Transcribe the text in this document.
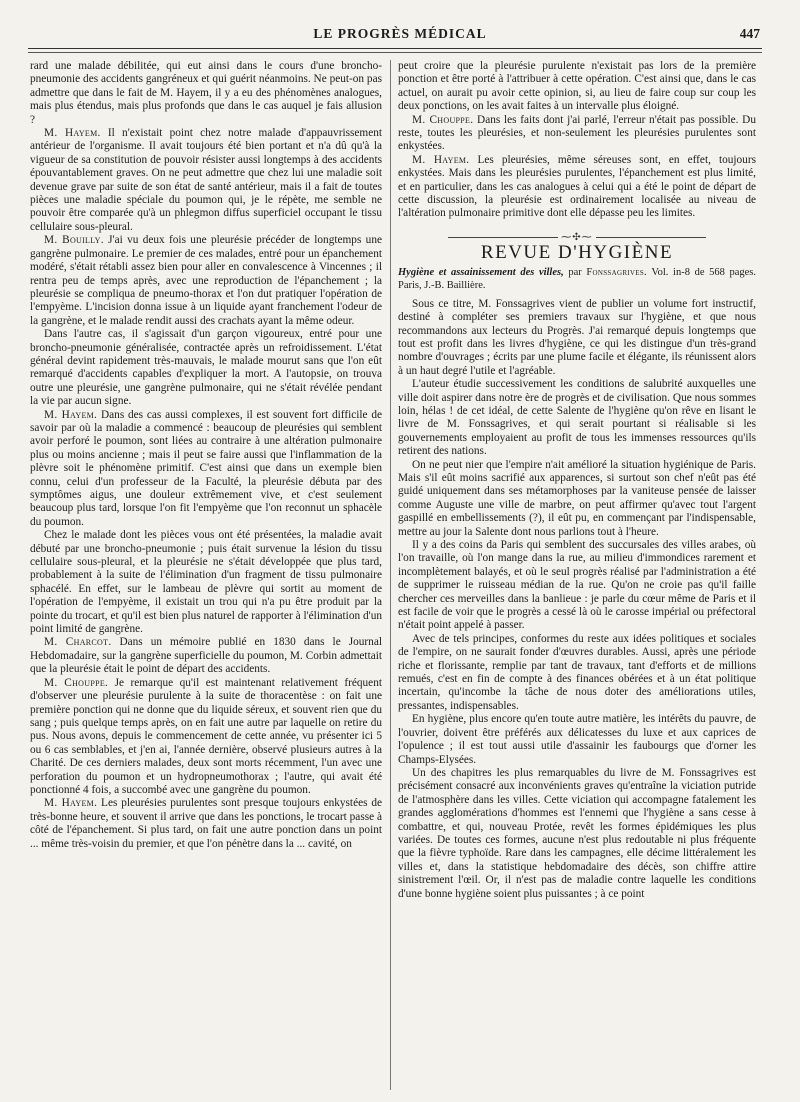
LE PROGRÈS MÉDICAL	447

rard une malade débilitée, qui eut ainsi dans le cours d'une broncho-pneumonie des accidents gangréneux et qui guérit néanmoins. Ne peut-on pas admettre que dans le fait de M. Hayem, il y a eu des phénomènes analogues, mais plus étendus, mais plus profonds que dans le cas auquel je fais allusion ?

M. Hayem. Il n'existait point chez notre malade d'appauvrissement antérieur de l'organisme. Il avait toujours été bien portant et n'a dû qu'à la vigueur de sa constitution de pouvoir résister aussi longtemps à des accidents épouvantablement graves. On ne peut admettre que chez lui une maladie soit devenue grave par suite de son état de santé antérieur, mais il a fait de toutes pièces une maladie spéciale du poumon qui, je le répète, me semble ne pouvoir être comparée qu'à un phlegmon diffus superficiel occupant le tissu cellulaire sous-pleural.

M. Bouilly. J'ai vu deux fois une pleurésie précéder de longtemps une gangrène pulmonaire. Le premier de ces malades, entré pour un épanchement modéré, s'était rétabli assez bien pour aller en convalescence à Vincennes ; il rentra peu de temps après, avec une reproduction de l'épanchement ; la pleurésie se compliqua de pneumo-thorax et l'on dut pratiquer l'opération de l'empyème. L'incision donna issue à un liquide ayant franchement l'odeur de la gangrène, et le malade rendit aussi des crachats ayant la même odeur.

Dans l'autre cas, il s'agissait d'un garçon vigoureux, entré pour une broncho-pneumonie généralisée, contractée après un refroidissement. L'état général devint rapidement très-mauvais, le malade mourut sans que l'on eût remarqué d'accidents capables d'expliquer la mort. A l'autopsie, on trouva outre une pleurésie, une gangrène pulmonaire, qui ne s'était révélée pendant la vie par aucun signe.

M. Hayem. Dans des cas aussi complexes, il est souvent fort difficile de savoir par où la maladie a commencé : beaucoup de pleurésies qui semblent avoir perforé le poumon, sont liées au contraire à une altération pulmonaire plus ou moins ancienne ; mais il peut se faire aussi que l'inflammation de la plèvre soit le phénomène primitif. C'est ainsi que dans un exemple bien connu, celui d'un professeur de la Faculté, la pleurésie débuta par des symptômes aigus, une douleur extrêmement vive, et c'est seulement beaucoup plus tard, lorsque l'on fit l'empyème que l'on reconnut un sphacèle du poumon.

Chez le malade dont les pièces vous ont été présentées, la maladie avait débuté par une broncho-pneumonie ; puis était survenue la lésion du tissu cellulaire sous-pleural, et la pleurésie ne s'était développée que plus tard, probablement à la suite de l'élimination d'un fragment de tissu pulmonaire sphacélé. En effet, sur le lambeau de plèvre qui sortit au moment de l'opération de l'empyème, il existait un trou qui n'a pu être produit par la pointe du trocart, et qu'il est bien plus naturel de rapporter à l'élimination d'un point limité de gangrène.

M. Charcot. Dans un mémoire publié en 1830 dans le Journal Hebdomadaire, sur la gangrène superficielle du poumon, M. Corbin admettait que la pleurésie était le point de départ des accidents.

M. Chouppe. Je remarque qu'il est maintenant relativement fréquent d'observer une pleurésie purulente à la suite de thoracentèse : on fait une première ponction qui ne donne que du liquide séreux, et souvent rien que du sang ; puis quelque temps après, on en fait une autre par laquelle on retire du pus. Nous avons, depuis le commencement de cette année, vu présenter ici 5 ou 6 cas semblables, et j'en ai, l'année dernière, observé plusieurs autres à la Charité. De ces derniers malades, deux sont morts récemment, l'un avec une perforation du poumon et un hydropneumothorax ; l'autre, qui avait été ponctionné 4 fois, a succombé avec une gangrène du poumon.

M. Hayem. Les pleurésies purulentes sont presque toujours enkystées de très-bonne heure, et souvent il arrive que dans les ponctions, le trocart passe à côté de l'épanchement. Si plus tard, on fait une autre ponction dans un point ... même très-voisin du premier, et que l'on pénètre dans la ... cavité, on

peut croire que la pleurésie purulente n'existait pas lors de la première ponction et être porté à l'attribuer à cette opération. C'est ainsi que, dans le cas actuel, on aurait pu avoir cette opinion, si, au lieu de faire coup sur coup les deux ponctions, on les avait faites à un intervalle plus éloigné.

M. Chouppe. Dans les faits dont j'ai parlé, l'erreur n'était pas possible. Du reste, toutes les pleurésies, et non-seulement les pleurésies purulentes sont enkystées.

M. Hayem. Les pleurésies, même séreuses sont, en effet, toujours enkystées. Mais dans les pleurésies purulentes, l'épanchement est plus limité, et en particulier, dans les cas analogues à celui qui a été le point de départ de cette discussion, la pleurésie est ordinairement localisée au niveau de l'altération pulmonaire primitive dont elle dépasse peu les limites.

⁓✣⁓
REVUE D'HYGIÈNE
Hygiène et assainissement des villes, par Fonssagrives. Vol. in-8 de 568 pages. Paris, J.-B. Baillière.

Sous ce titre, M. Fonssagrives vient de publier un volume fort instructif, destiné à compléter ses premiers travaux sur l'hygiène, et que nous recommandons aux lecteurs du Progrès. J'ai remarqué depuis longtemps que tout est profit dans les livres d'hygiène, ce qui les distingue d'un très-grand nombre d'ouvrages ; écrits par une plume facile et élégante, ils réunissent alors à un haut degré l'utile et l'agréable.

L'auteur étudie successivement les conditions de salubrité auxquelles une ville doit aspirer dans notre ère de progrès et de civilisation. Que nous sommes loin, hélas ! de cet idéal, de cette Salente de l'hygiène qu'on rêve en lisant le livre de M. Fonssagrives, et qui serait pourtant si réalisable si les gouvernements employaient au profit de tous les immenses ressources qu'ils retirent des nations.

On ne peut nier que l'empire n'ait amélioré la situation hygiénique de Paris. Mais s'il eût moins sacrifié aux apparences, si surtout son chef n'eût pas été guidé uniquement dans ses métamorphoses par la vaniteuse pensée de laisser comme Auguste une ville de marbre, on peut affirmer qu'avec tout l'argent gaspillé en embellissements (?), il eût pu, en commençant par l'indispensable, mettre au jour la Salente dont nous parlions tout à l'heure.

Il y a des coins da Paris qui semblent des succursales des villes arabes, où l'on travaille, où l'on mange dans la rue, au milieu d'immondices rarement et incomplètement balayés, et où le seul progrès réalisé par l'administration a été de supprimer le ruisseau médian de la rue. Qu'on ne croie pas qu'il faille chercher ces merveilles dans la banlieue : je parle du cœur même de Paris et il est facile de voir que le progrès a cessé là où le carosse impérial ou préfectoral n'était point appelé à passer.

Avec de tels principes, conformes du reste aux idées politiques et sociales de l'empire, on ne saurait fonder d'œuvres durables. Aussi, après une période riche et florissante, remplie par tant de travaux, tant d'efforts et de millions remués, c'est en fin de compte à des finances obérées et à un état politique incertain, qu'incombe la tâche de nous doter des améliorations utiles, pressantes, indispensables.

En hygiène, plus encore qu'en toute autre matière, les intérêts du pauvre, de l'ouvrier, doivent être préférés aux délicatesses du luxe et aux caprices de l'opulence ; il est tout aussi utile d'assainir les faubourgs que d'orner les Champs-Elysées.

Un des chapitres les plus remarquables du livre de M. Fonssagrives est précisément consacré aux inconvénients graves qu'entraîne la viciation putride de l'atmosphère dans les villes. Cette viciation qui accompagne fatalement les grandes agglomérations d'hommes est l'ennemi que l'hygiène a sans cesse à combattre, et qui, nouveau Protée, revêt les formes épidémiques les plus variées. De toutes ces formes, aucune n'est plus redoutable ni plus fréquente que la fièvre typhoïde. Rare dans les campagnes, elle décime littéralement les villes et, dans la statistique hebdomadaire des décès, son chiffre attire sinistrement l'œil. Or, il n'est pas de maladie contre laquelle les conditions d'une bonne hygiène soient plus puissantes ; à ce point
